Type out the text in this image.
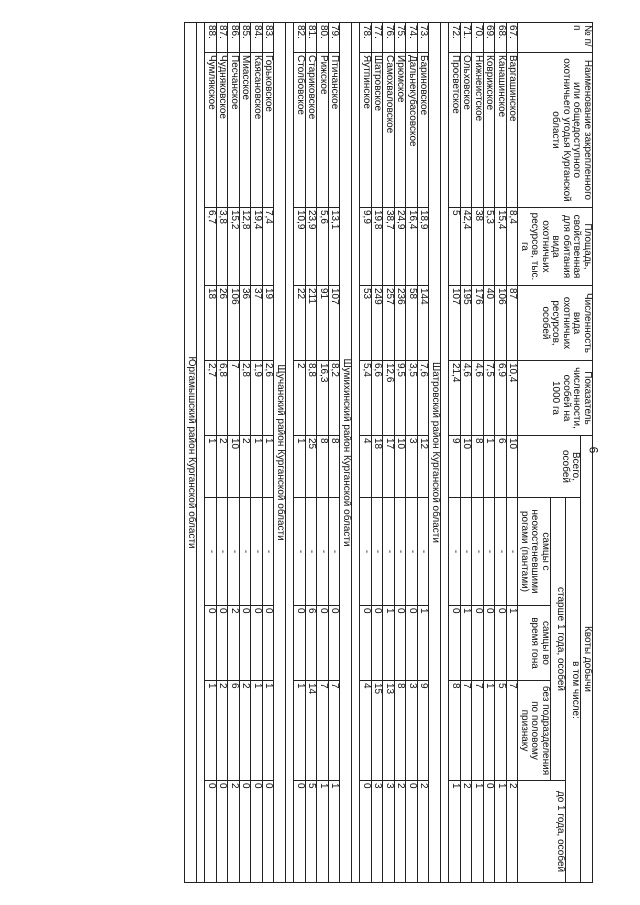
6
№ п/п	Наименование закрепленного или общедоступного охотничьего угодья Курганской области	Площадь, свойственная для обитания вида охотничьих ресурсов, тыс. га	Численность вида охотничьих ресурсов, особей	Показатель численности, особей на 1000 га	Квоты добычи				
					Всего, особей	в том числе:			
						старше 1 года, особей			до 1 года, особей
						самцы с неокостеневшими рогами (пантами)	самцы во время гона	без подразделения по половому признаку	
67.	Варгашинское	8,4	87	10,4	10	-	1	7	2
68.	Канашинское	15,4	106	6,9	6	-	0	5	1
69.	Коврижское	5,3	40	7,5	1	-	0	1	0
70.	Нижнеистское	38	176	4,6	8	-	0	7	1
71.	Ольховское	42,4	195	4,6	10	-	1	7	2
72.	Просветское	5	107	21,4	9	-	0	8	1

Шатровский район Курганской области									
73.	Бариновское	18,9	144	7,6	12	-	1	9	2
74.	Дальнекубасовское	16,4	58	3,5	3	-	0	3	0
75.	Ирюмское	24,9	236	9,5	10	-	0	8	2
76.	Самохваловское	38,7	257	12,6	17	-	1	13	3
77.	Шатровское	19,8	249	6,6	18	-	0	15	3
78.	Яутпинское	9,9	53	5,4	4	-	0	4	0

Шумихинский район Курганской области									
79.	Птичанское	13,1	107	8,2	8	-	0	7	1
80.	Рижское	5,6	91	16,3	8	-	0	7	1
81.	Стариковское	23,9	211	8,8	25	-	6	14	5
82.	Столбовское	10,9	22	2	1	-	0	1	0

Щучанский район Курганской области									
83.	Горьковское	7,4	19	2,6	1	-	0	1	0
84.	Каясановское	19,4	37	1,9	1	-	0	1	0
85.	Миасское	12,8	36	2,8	2	-	0	2	0
86.	Песчанское	15,2	106	7	10	-	2	6	2
87.	Чудняковское	3,8	26	6,8	2	-	0	2	0
88.	Чумлякское	6,7	18	2,7	1	-	0	1	0

Юргамышский район Курганской области									
